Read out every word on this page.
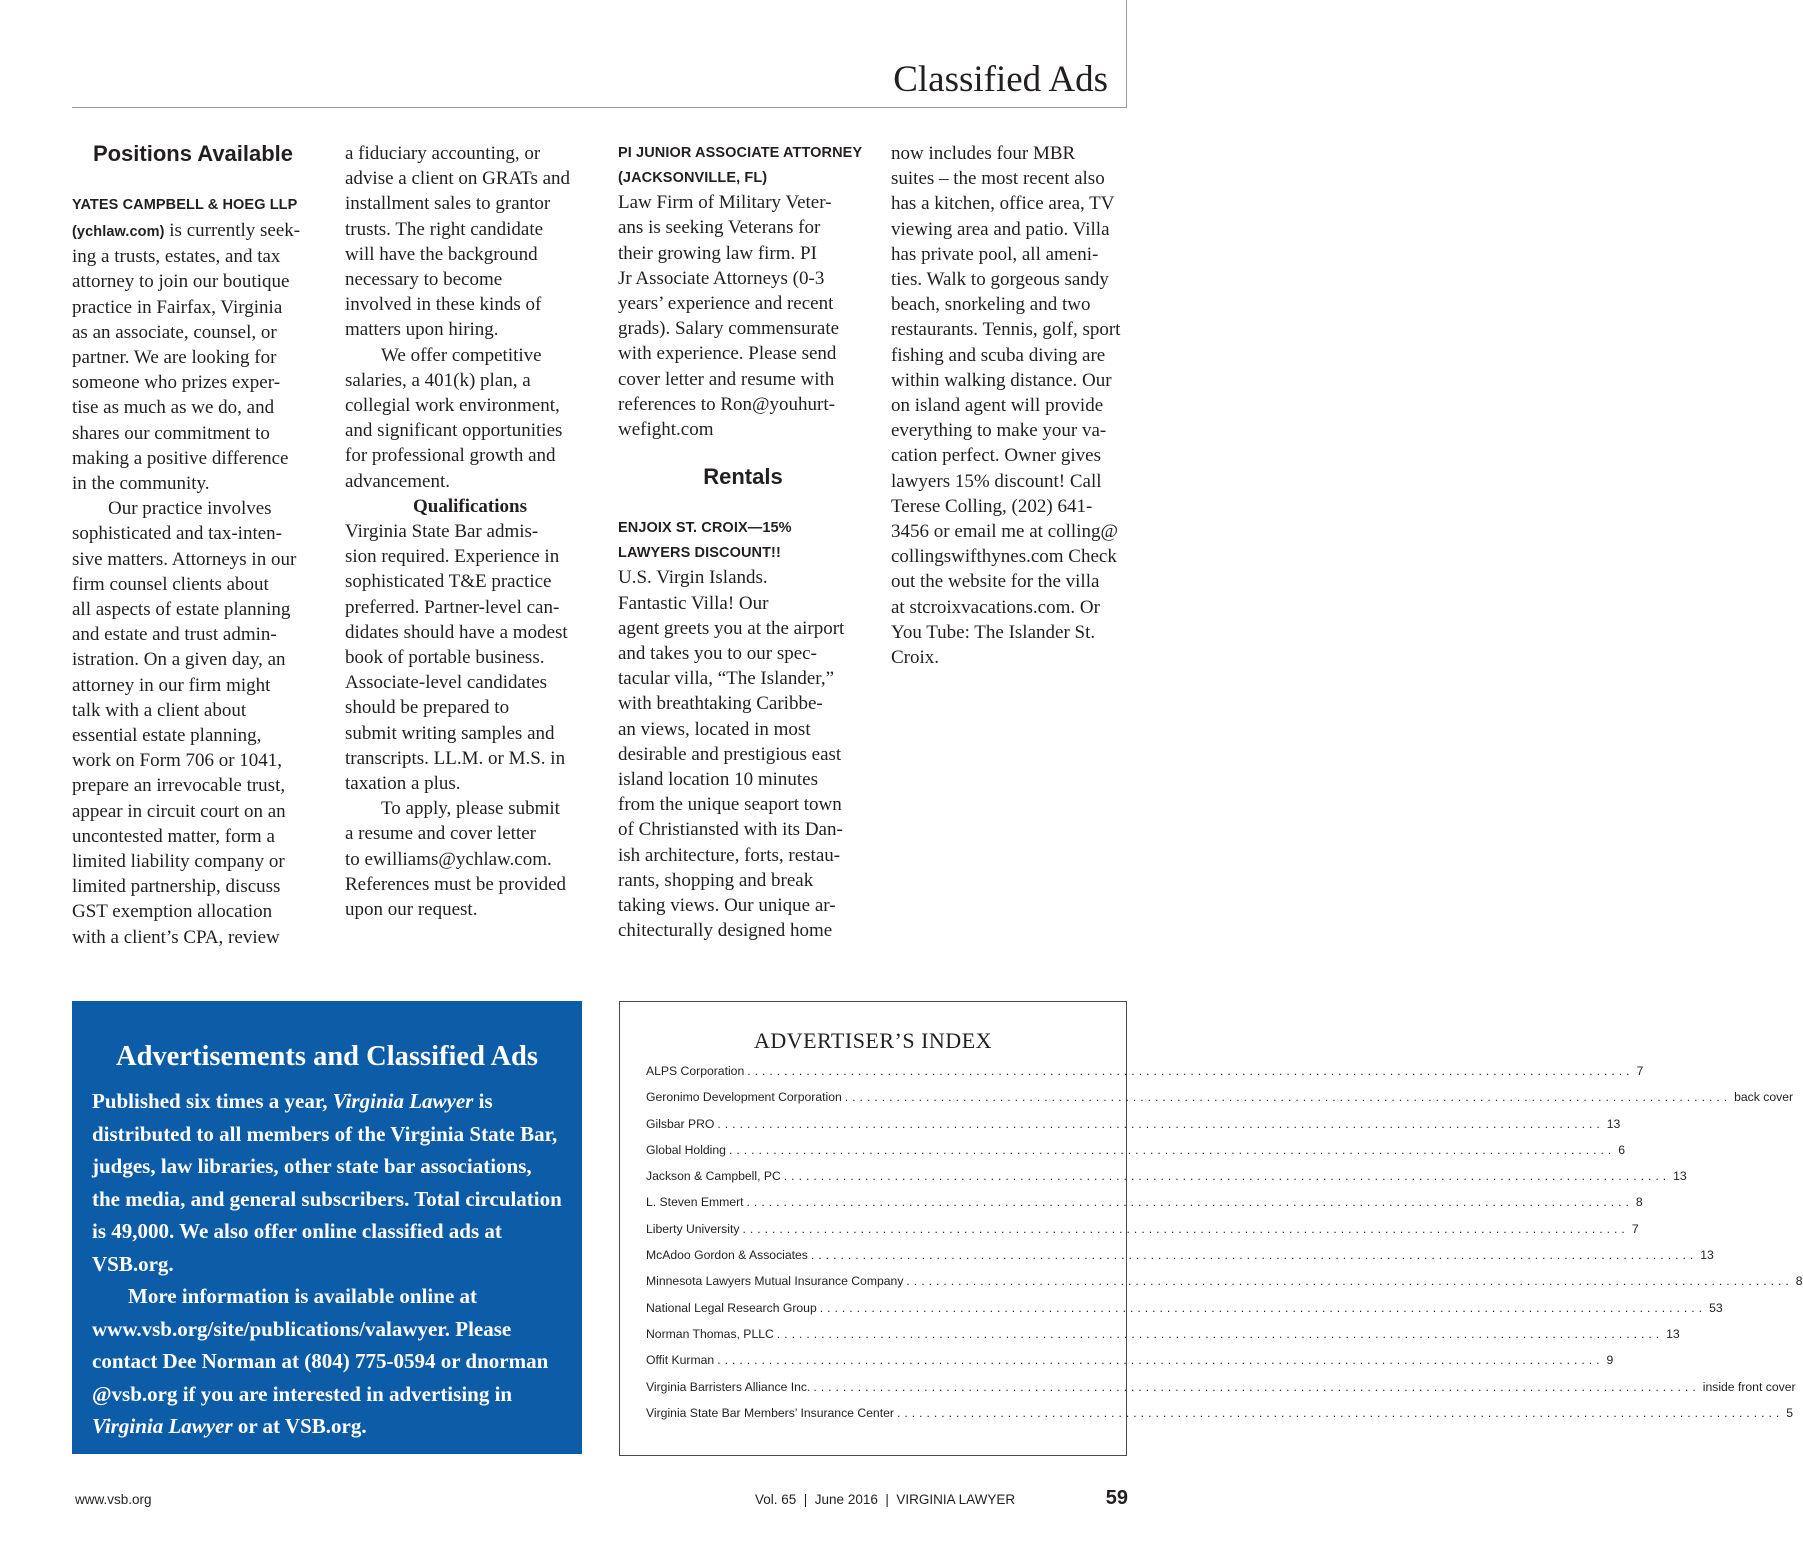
Classified Ads

Positions Available

YATES CAMPBELL & HOEG LLP

(ychlaw.com) is currently seek-

ing a trusts, estates, and tax
attorney to join our boutique
practice in Fairfax, Virginia
as an associate, counsel, or
partner. We are looking for
someone who prizes exper-
tise as much as we do, and
shares our commitment to
making a positive difference
in the community.
Our practice involves
sophisticated and tax-inten-
sive matters. Attorneys in our
firm counsel clients about
all aspects of estate planning
and estate and trust admin-
istration. On a given day, an
attorney in our firm might
talk with a client about
essential estate planning,
work on Form 706 or 1041,
prepare an irrevocable trust,
appear in circuit court on an
uncontested matter, form a
limited liability company or
limited partnership, discuss
GST exemption allocation
with a client’s CPA, review
a fiduciary accounting, or
advise a client on GRATs and
installment sales to grantor
trusts. The right candidate
will have the background
necessary to become
involved in these kinds of
matters upon hiring.
We offer competitive
salaries, a 401(k) plan, a
collegial work environment,
and significant opportunities
for professional growth and
advancement.

Qualifications

Virginia State Bar admis-
sion required. Experience in
sophisticated T&E practice
preferred. Partner-level can-
didates should have a modest
book of portable business.
Associate-level candidates
should be prepared to
submit writing samples and
transcripts. LL.M. or M.S. in
taxation a plus.
To apply, please submit
a resume and cover letter
to ewilliams@ychlaw.com.
References must be provided
upon our request.
PI JUNIOR ASSOCIATE ATTORNEY
(JACKSONVILLE, FL)
Law Firm of Military Veter-
ans is seeking Veterans for
their growing law firm. PI
Jr Associate Attorneys (0-3
years’ experience and recent
grads). Salary commensurate
with experience. Please send
cover letter and resume with
references to Ron@youhurt-
wefight.com

Rentals

ENJOIX ST. CROIX—15%
LAWYERS DISCOUNT!!
U.S. Virgin Islands.
Fantastic Villa! Our
agent greets you at the airport
and takes you to our spec-
tacular villa, “The Islander,”
with breathtaking Caribbe-
an views, located in most
desirable and prestigious east
island location 10 minutes
from the unique seaport town
of Christiansted with its Dan-
ish architecture, forts, restau-
rants, shopping and break
taking views. Our unique ar-
chitecturally designed home
now includes four MBR
suites – the most recent also
has a kitchen, office area, TV
viewing area and patio. Villa
has private pool, all ameni-
ties. Walk to gorgeous sandy
beach, snorkeling and two
restaurants. Tennis, golf, sport
fishing and scuba diving are
within walking distance. Our
on island agent will provide
everything to make your va-
cation perfect. Owner gives
lawyers 15% discount! Call
Terese Colling, (202) 641-
3456 or email me at colling@
collingswifthynes.com Check
out the website for the villa
at stcroixvacations.com. Or
You Tube: The Islander St.
Croix.
Advertisements and Classified Ads

Published six times a year, Virginia Lawyer is distributed to all members of the Virginia State Bar, judges, law libraries, other state bar associations, the media, and general subscribers. Total circulation is 49,000. We also offer online classified ads at VSB.org.

More information is available online at www.vsb.org/site/publications/valawyer. Please contact Dee Norman at (804) 775-0594 or dnorman @vsb.org if you are interested in advertising in Virginia Lawyer or at VSB.org.

ADVERTISER’S INDEX
ALPS Corporation ........................................................................................................................ 7
Geronimo Development Corporation ........................................................................................................................ back cover
Gilsbar PRO ........................................................................................................................ 13
Global Holding ........................................................................................................................ 6
Jackson & Campbell, PC ........................................................................................................................ 13
L. Steven Emmert ........................................................................................................................ 8
Liberty University ........................................................................................................................ 7
McAdoo Gordon & Associates ........................................................................................................................ 13
Minnesota Lawyers Mutual Insurance Company ........................................................................................................................ 8
National Legal Research Group ........................................................................................................................ 53
Norman Thomas, PLLC ........................................................................................................................ 13
Offit Kurman ........................................................................................................................ 9
Virginia Barristers Alliance Inc. ........................................................................................................................ inside front cover
Virginia State Bar Members’ Insurance Center ........................................................................................................................ 5
www.vsb.org	Vol. 65  |  June 2016  |  VIRGINIA LAWYER	59
